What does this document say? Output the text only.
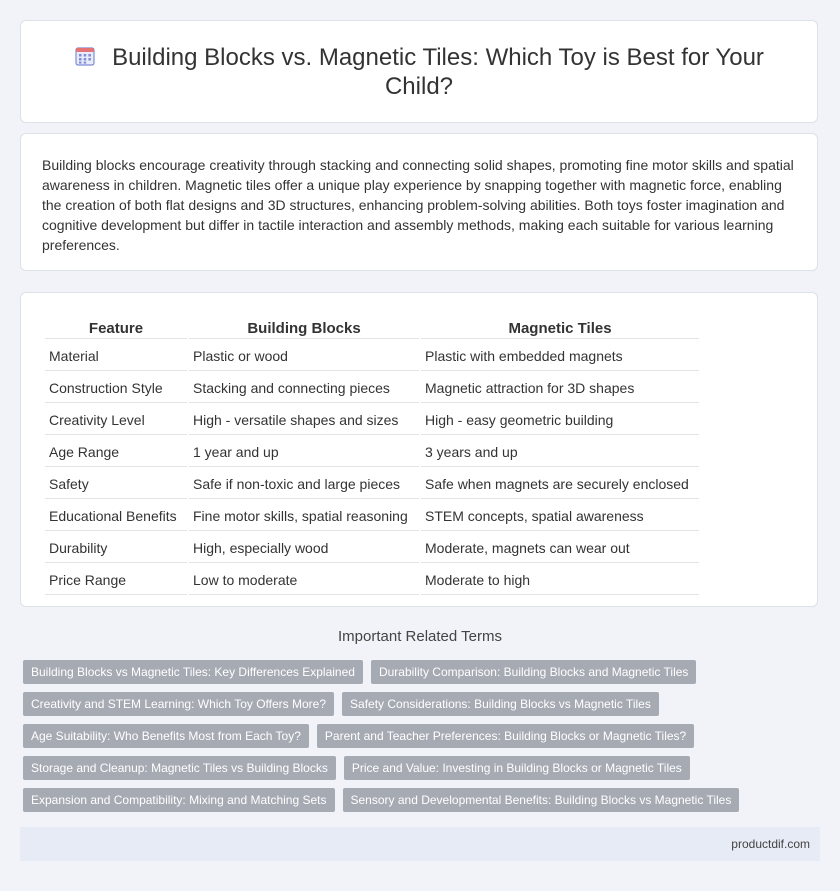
Building Blocks vs. Magnetic Tiles: Which Toy is Best for Your Child?

Building blocks encourage creativity through stacking and connecting solid shapes, promoting fine motor skills and spatial awareness in children. Magnetic tiles offer a unique play experience by snapping together with magnetic force, enabling the creation of both flat designs and 3D structures, enhancing problem-solving abilities. Both toys foster imagination and cognitive development but differ in tactile interaction and assembly methods, making each suitable for various learning preferences.

Feature	Building Blocks	Magnetic Tiles
Material	Plastic or wood	Plastic with embedded magnets
Construction Style	Stacking and connecting pieces	Magnetic attraction for 3D shapes
Creativity Level	High - versatile shapes and sizes	High - easy geometric building
Age Range	1 year and up	3 years and up
Safety	Safe if non-toxic and large pieces	Safe when magnets are securely enclosed
Educational Benefits	Fine motor skills, spatial reasoning	STEM concepts, spatial awareness
Durability	High, especially wood	Moderate, magnets can wear out
Price Range	Low to moderate	Moderate to high
Important Related Terms
Building Blocks vs Magnetic Tiles: Key Differences Explained	Durability Comparison: Building Blocks and Magnetic Tiles
Creativity and STEM Learning: Which Toy Offers More?	Safety Considerations: Building Blocks vs Magnetic Tiles
Age Suitability: Who Benefits Most from Each Toy?	Parent and Teacher Preferences: Building Blocks or Magnetic Tiles?
Storage and Cleanup: Magnetic Tiles vs Building Blocks	Price and Value: Investing in Building Blocks or Magnetic Tiles
Expansion and Compatibility: Mixing and Matching Sets	Sensory and Developmental Benefits: Building Blocks vs Magnetic Tiles
productdif.com
